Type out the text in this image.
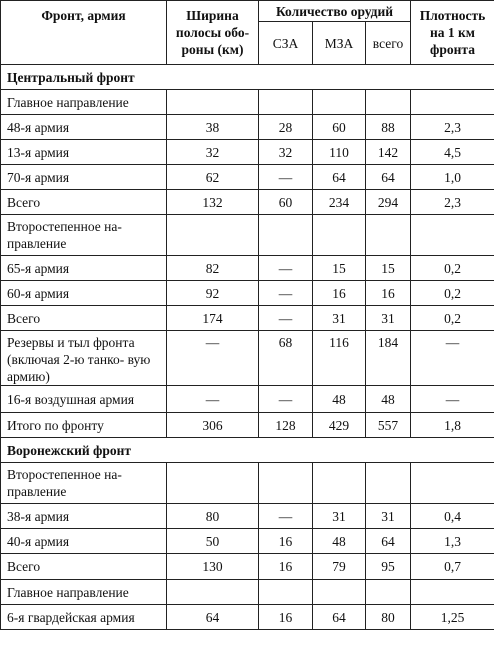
Фронт, армия	Ширина полосы обо- роны (км)	Количество орудий			Плотность на 1 км фронта
		СЗА	МЗА	всего	
Центральный фронт					
Главное направление					
48-я армия	38	28	60	88	2,3
13-я армия	32	32	110	142	4,5
70-я армия	62	—	64	64	1,0
Всего	132	60	234	294	2,3
Второстепенное на- правление					
65-я армия	82	—	15	15	0,2
60-я армия	92	—	16	16	0,2
Всего	174	—	31	31	0,2
Резервы и тыл фронта (включая 2-ю танко- вую армию)	—	68	116	184	—
16-я воздушная армия	—	—	48	48	—
Итого по фронту	306	128	429	557	1,8
Воронежский фронт					
Второстепенное на- правление					
38-я армия	80	—	31	31	0,4
40-я армия	50	16	48	64	1,3
Всего	130	16	79	95	0,7
Главное направление					
6-я гвардейская армия	64	16	64	80	1,25
